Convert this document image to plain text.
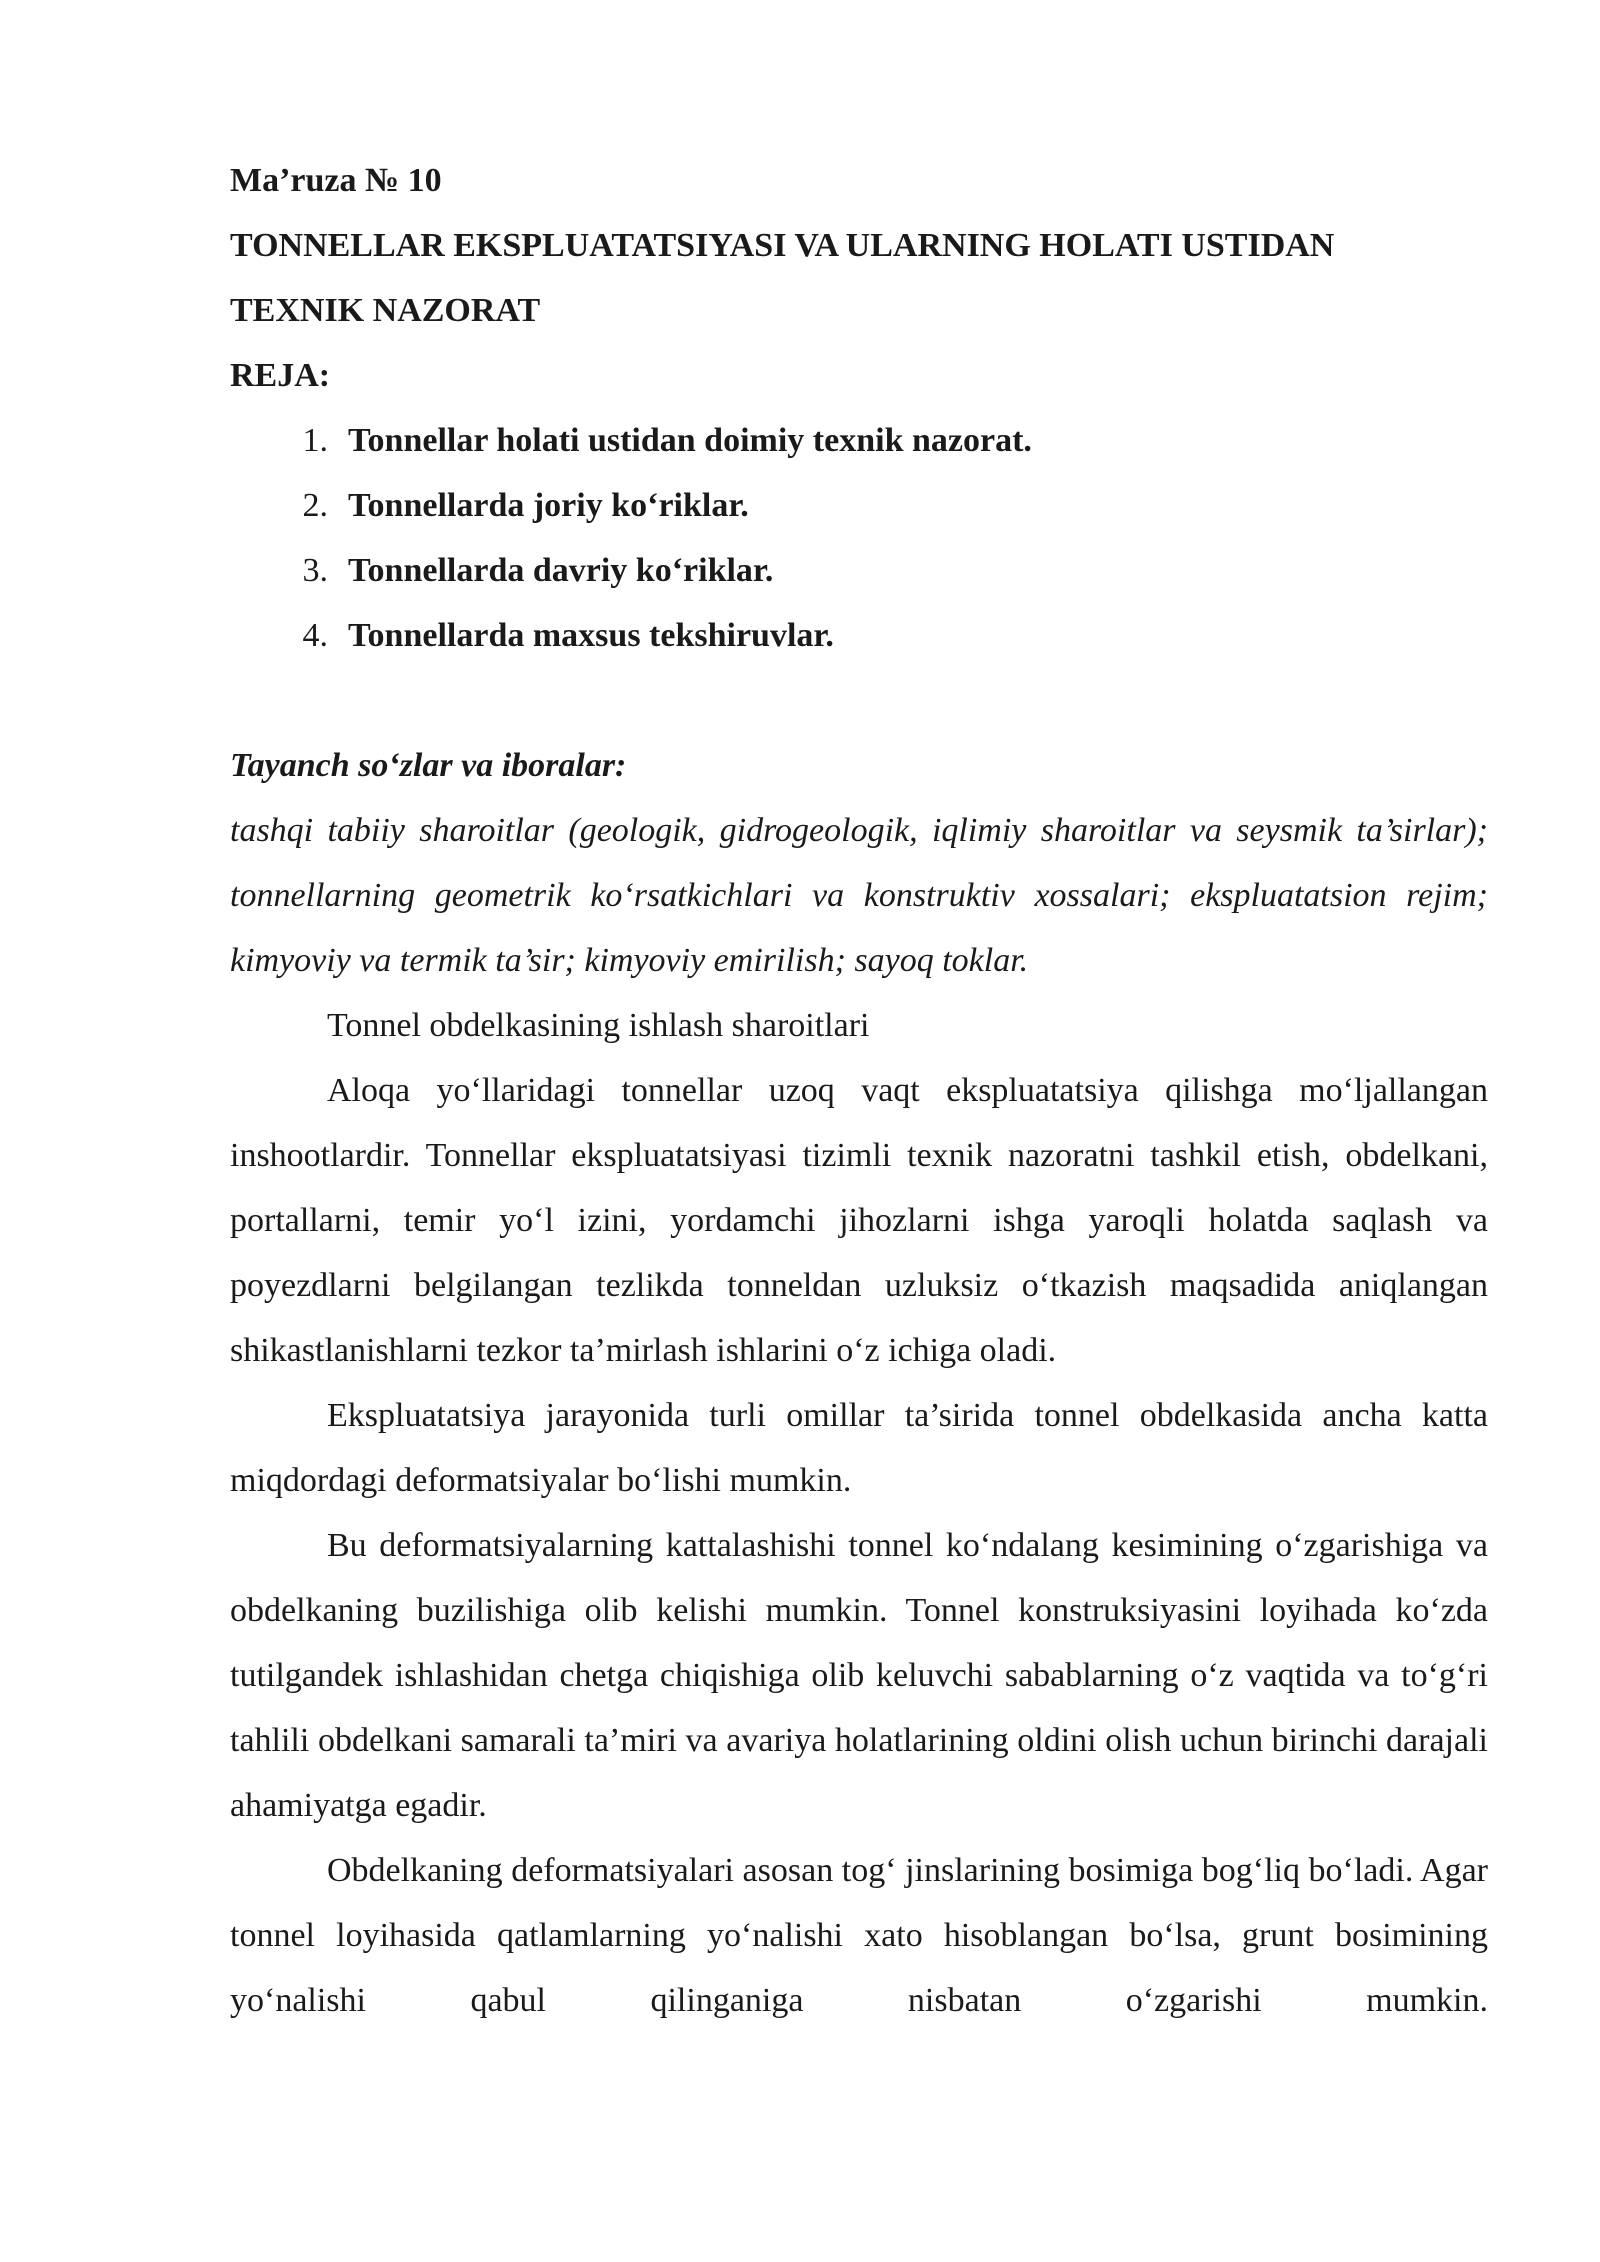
Ma’ruza № 10

TONNELLAR EKSPLUATATSIYASI VA ULARNING HOLATI USTIDAN

TEXNIK NAZORAT

REJA:

1. Tonnellar holati ustidan doimiy texnik nazorat.
2. Tonnellarda joriy ko‘riklar.
3. Tonnellarda davriy ko‘riklar.
4. Tonnellarda maxsus tekshiruvlar.

Tayanch so‘zlar va iboralar:

tashqi tabiiy sharoitlar (geologik, gidrogeologik, iqlimiy sharoitlar va seysmik ta’sirlar); tonnellarning geometrik ko‘rsatkichlari va konstruktiv xossalari; ekspluatatsion rejim; kimyoviy va termik ta’sir; kimyoviy emirilish; sayoq toklar.

Tonnel obdelkasining ishlash sharoitlari

Aloqa yo‘llaridagi tonnellar uzoq vaqt ekspluatatsiya qilishga mo‘ljallangan inshootlardir. Tonnellar ekspluatatsiyasi tizimli texnik nazoratni tashkil etish, obdelkani, portallarni, temir yo‘l izini, yordamchi jihozlarni ishga yaroqli holatda saqlash va poyezdlarni belgilangan tezlikda tonneldan uzluksiz o‘tkazish maqsadida aniqlangan shikastlanishlarni tezkor ta’mirlash ishlarini o‘z ichiga oladi.

Ekspluatatsiya jarayonida turli omillar ta’sirida tonnel obdelkasida ancha katta miqdordagi deformatsiyalar bo‘lishi mumkin.

Bu deformatsiyalarning kattalashishi tonnel ko‘ndalang kesimining o‘zgarishiga va obdelkaning buzilishiga olib kelishi mumkin. Tonnel konstruksiyasini loyihada ko‘zda tutilgandek ishlashidan chetga chiqishiga olib keluvchi sabablarning o‘z vaqtida va to‘g‘ri tahlili obdelkani samarali ta’miri va avariya holatlarining oldini olish uchun birinchi darajali ahamiyatga egadir.

Obdelkaning deformatsiyalari asosan tog‘ jinslarining bosimiga bog‘liq bo‘ladi. Agar tonnel loyihasida qatlamlarning yo‘nalishi xato hisoblangan bo‘lsa, grunt bosimining yo‘nalishi qabul qilinganiga nisbatan o‘zgarishi mumkin.
